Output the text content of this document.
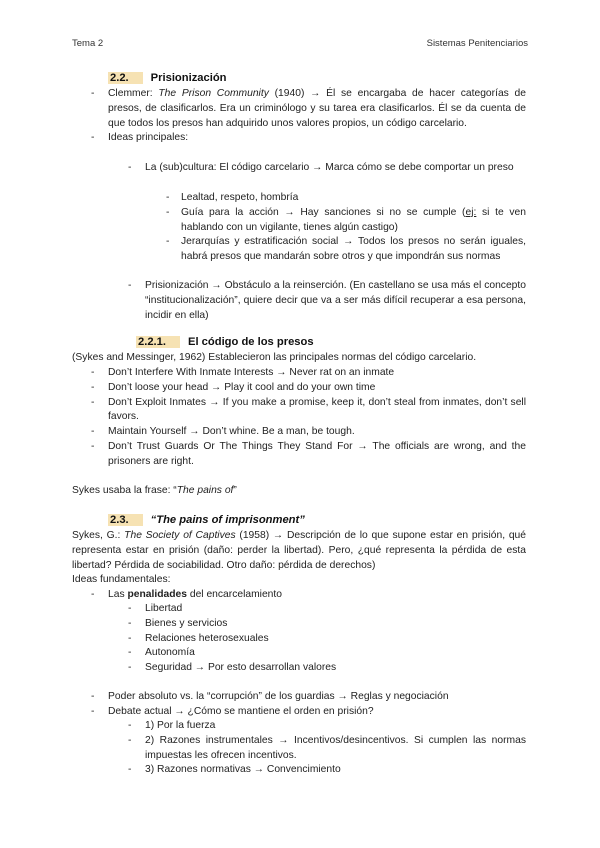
Tema 2	Sistemas Penitenciarios
2.2. Prisionización
- Clemmer: The Prison Community (1940) → Él se encargaba de hacer categorías de presos, de clasificarlos. Era un criminólogo y su tarea era clasificarlos. Él se da cuenta de que todos los presos han adquirido unos valores propios, un código carcelario.
- Ideas principales:
- La (sub)cultura: El código carcelario → Marca cómo se debe comportar un preso
- Lealtad, respeto, hombría
- Guía para la acción → Hay sanciones si no se cumple (ej: si te ven hablando con un vigilante, tienes algún castigo)
- Jerarquías y estratificación social → Todos los presos no serán iguales, habrá presos que mandarán sobre otros y que impondrán sus normas
- Prisionización → Obstáculo a la reinserción. (En castellano se usa más el concepto “institucionalización”, quiere decir que va a ser más difícil recuperar a esa persona, incidir en ella)
2.2.1. El código de los presos
(Sykes and Messinger, 1962) Establecieron las principales normas del código carcelario.
- Don’t Interfere With Inmate Interests → Never rat on an inmate
- Don’t loose your head → Play it cool and do your own time
- Don’t Exploit Inmates → If you make a promise, keep it, don’t steal from inmates, don’t sell favors.
- Maintain Yourself → Don’t whine. Be a man, be tough.
- Don’t Trust Guards Or The Things They Stand For → The officials are wrong, and the prisoners are right.
Sykes usaba la frase: “The pains of”
2.3. “The pains of imprisonment”
Sykes, G.: The Society of Captives (1958) → Descripción de lo que supone estar en prisión, qué representa estar en prisión (daño: perder la libertad). Pero, ¿qué representa la pérdida de esta libertad? Pérdida de sociabilidad. Otro daño: pérdida de derechos)
Ideas fundamentales:
- Las penalidades del encarcelamiento
- Libertad
- Bienes y servicios
- Relaciones heterosexuales
- Autonomía
- Seguridad → Por esto desarrollan valores
- Poder absoluto vs. la “corrupción” de los guardias → Reglas y negociación
- Debate actual → ¿Cómo se mantiene el orden en prisión?
- 1) Por la fuerza
- 2) Razones instrumentales → Incentivos/desincentivos. Si cumplen las normas impuestas les ofrecen incentivos.
- 3) Razones normativas → Convencimiento
